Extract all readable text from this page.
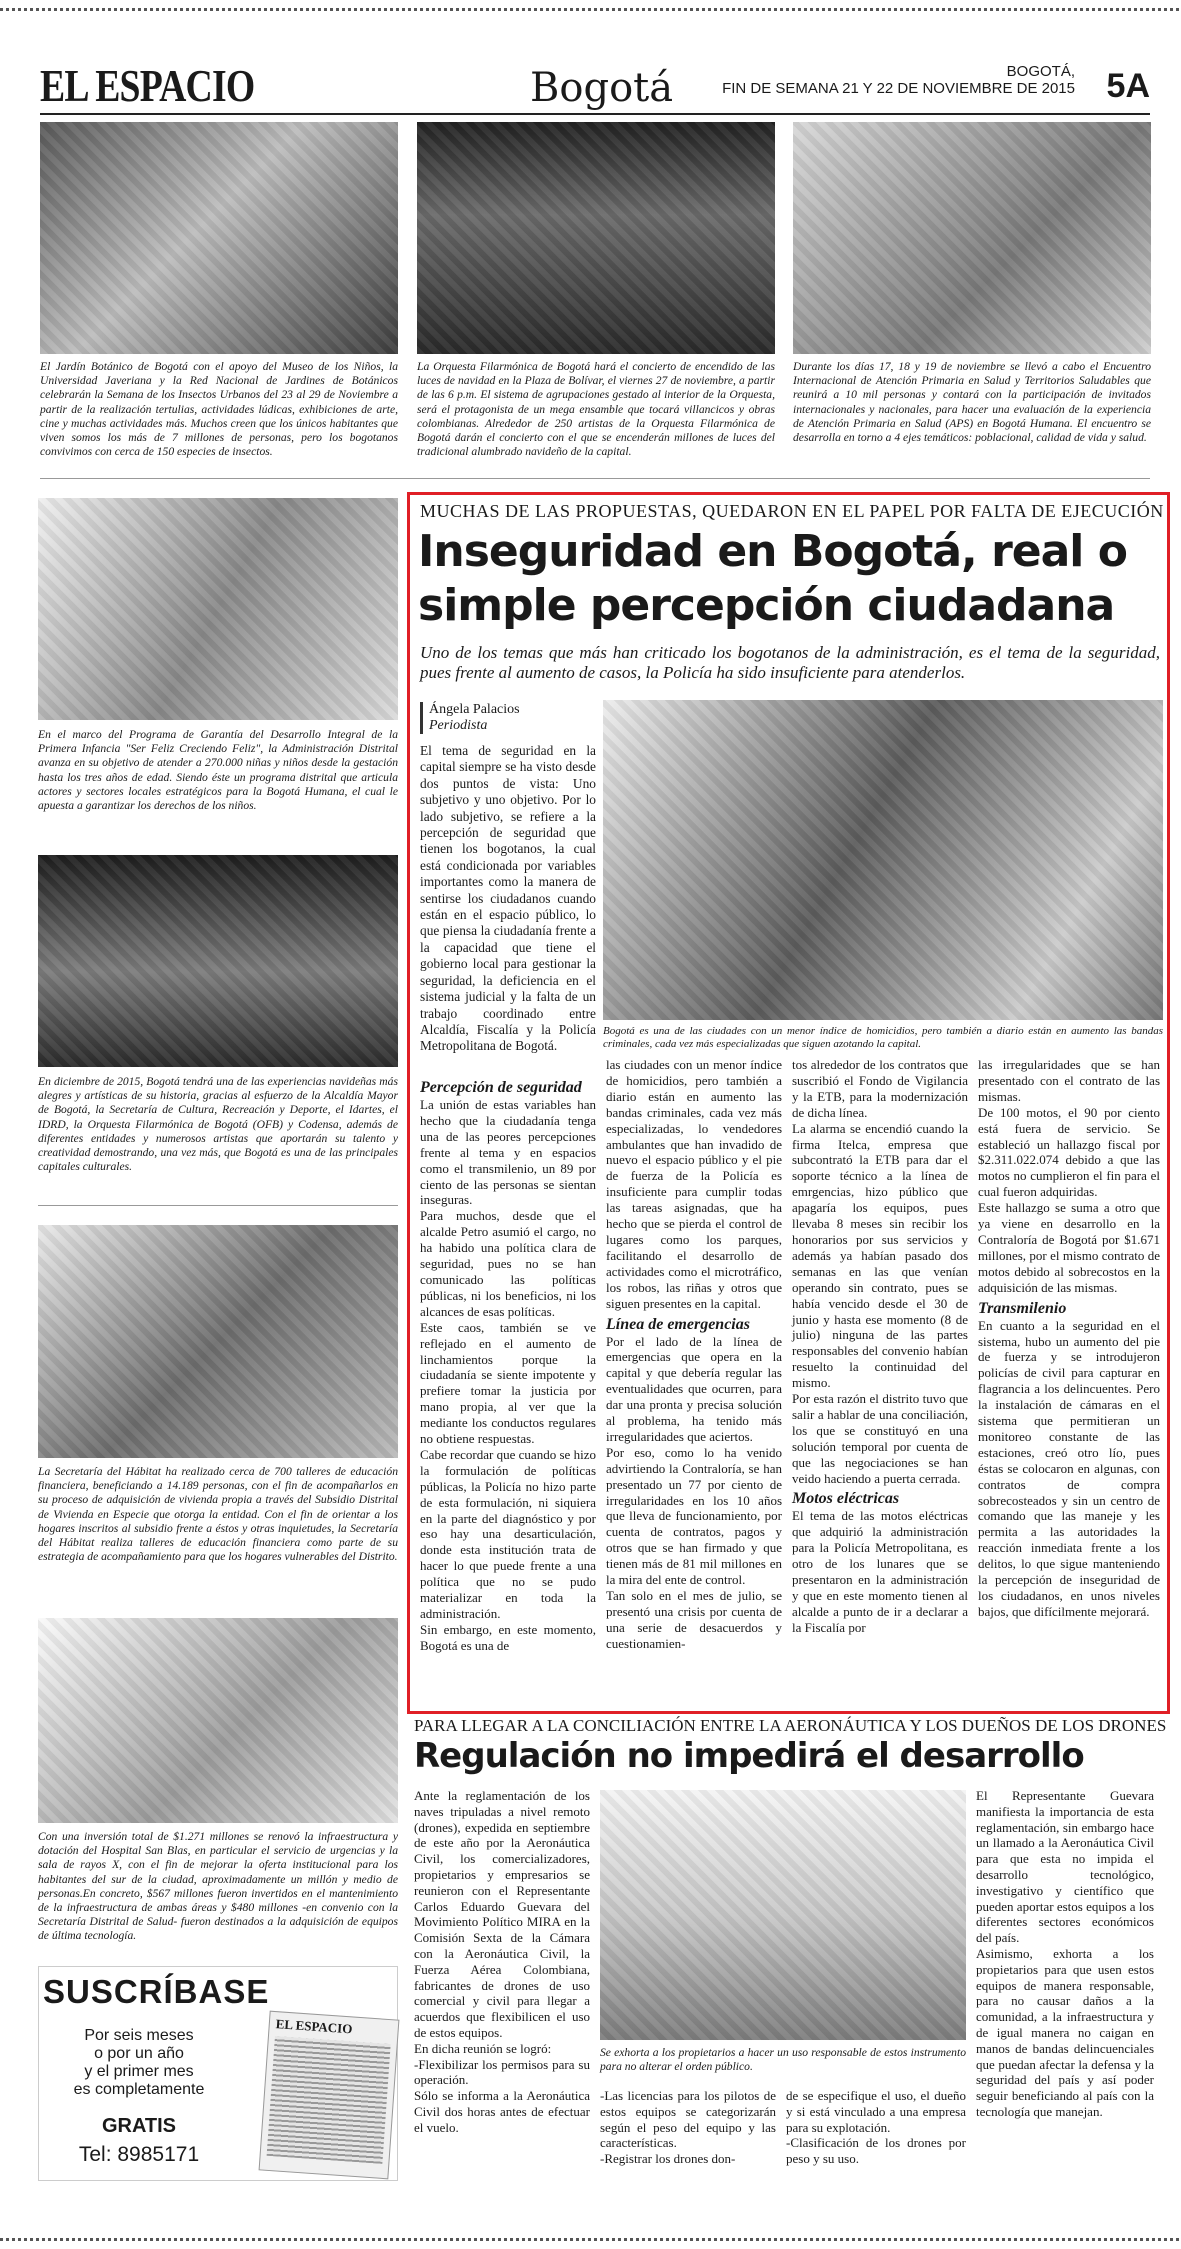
EL ESPACIO	Bogotá	BOGOTÁ,
FIN DE SEMANA 21 Y 22 DE NOVIEMBRE DE 2015 5A
El Jardín Botánico de Bogotá con el apoyo del Museo de los Niños, la Universidad Javeriana y la Red Nacional de Jardines de Botánicos celebrarán la Semana de los Insectos Urbanos del 23 al 29 de Noviembre a partir de la realización tertulias, actividades lúdicas, exhibiciones de arte, cine y muchas actividades más. Muchos creen que los únicos habitantes que viven somos los más de 7 millones de personas, pero los bogotanos convivimos con cerca de 150 especies de insectos.
La Orquesta Filarmónica de Bogotá hará el concierto de encendido de las luces de navidad en la Plaza de Bolívar, el viernes 27 de noviembre, a partir de las 6 p.m. El sistema de agrupaciones gestado al interior de la Orquesta, será el protagonista de un mega ensamble que tocará villancicos y obras colombianas. Alrededor de 250 artistas de la Orquesta Filarmónica de Bogotá darán el concierto con el que se encenderán millones de luces del tradicional alumbrado navideño de la capital.
Durante los días 17, 18 y 19 de noviembre se llevó a cabo el Encuentro Internacional de Atención Primaria en Salud y Territorios Saludables que reunirá a 10 mil personas y contará con la participación de invitados internacionales y nacionales, para hacer una evaluación de la experiencia de Atención Primaria en Salud (APS) en Bogotá Humana. El encuentro se desarrolla en torno a 4 ejes temáticos: poblacional, calidad de vida y salud.
En el marco del Programa de Garantía del Desarrollo Integral de la Primera Infancia "Ser Feliz Creciendo Feliz", la Administración Distrital avanza en su objetivo de atender a 270.000 niñas y niños desde la gestación hasta los tres años de edad. Siendo éste un programa distrital que articula actores y sectores locales estratégicos para la Bogotá Humana, el cual le apuesta a garantizar los derechos de los niños.
En diciembre de 2015, Bogotá tendrá una de las experiencias navideñas más alegres y artísticas de su historia, gracias al esfuerzo de la Alcaldía Mayor de Bogotá, la Secretaría de Cultura, Recreación y Deporte, el Idartes, el IDRD, la Orquesta Filarmónica de Bogotá (OFB) y Codensa, además de diferentes entidades y numerosos artistas que aportarán su talento y creatividad demostrando, una vez más, que Bogotá es una de las principales capitales culturales.
La Secretaría del Hábitat ha realizado cerca de 700 talleres de educación financiera, beneficiando a 14.189 personas, con el fin de acompañarlos en su proceso de adquisición de vivienda propia a través del Subsidio Distrital de Vivienda en Especie que otorga la entidad. Con el fin de orientar a los hogares inscritos al subsidio frente a éstos y otras inquietudes, la Secretaría del Hábitat realiza talleres de educación financiera como parte de su estrategia de acompañamiento para que los hogares vulnerables del Distrito.
Con una inversión total de $1.271 millones se renovó la infraestructura y dotación del Hospital San Blas, en particular el servicio de urgencias y la sala de rayos X, con el fin de mejorar la oferta institucional para los habitantes del sur de la ciudad, aproximadamente un millón y medio de personas.En concreto, $567 millones fueron invertidos en el mantenimiento de la infraestructura de ambas áreas y $480 millones -en convenio con la Secretaría Distrital de Salud- fueron destinados a la adquisición de equipos de última tecnología.
SUSCRÍBASE
Por seis meses
o por un año
y el primer mes
es completamente
GRATIS
Tel: 8985171
EL ESPACIO
MUCHAS DE LAS PROPUESTAS, QUEDARON EN EL PAPEL POR FALTA DE EJECUCIÓN
Inseguridad en Bogotá, real o simple percepción ciudadana
Uno de los temas que más han criticado los bogotanos de la administración, es el tema de la seguridad, pues frente al aumento de casos, la Policía ha sido insuficiente para atenderlos.
Ángela Palacios
Periodista
Bogotá es una de las ciudades con un menor índice de homicidios, pero también a diario están en aumento las bandas criminales, cada vez más especializadas que siguen azotando la capital.
El tema de seguridad en la capital siempre se ha visto desde dos puntos de vista: Uno subjetivo y uno objetivo. Por lo lado subjetivo, se refiere a la percepción de seguridad que tienen los bogotanos, la cual está condicionada por variables importantes como la manera de sentirse los ciudadanos cuando están en el espacio público, lo que piensa la ciudadanía frente a la capacidad que tiene el gobierno local para gestionar la seguridad, la deficiencia en el sistema judicial y la falta de un trabajo coordinado entre Alcaldía, Fiscalía y la Policía Metropolitana de Bogotá.
Percepción de seguridad

La unión de estas variables han hecho que la ciudadanía tenga una de las peores percepciones frente al tema y en espacios como el transmilenio, un 89 por ciento de las personas se sientan inseguras.

Para muchos, desde que el alcalde Petro asumió el cargo, no ha habido una política clara de seguridad, pues no se han comunicado las políticas públicas, ni los beneficios, ni los alcances de esas políticas.

Este caos, también se ve reflejado en el aumento de linchamientos porque la ciudadanía se siente impotente y prefiere tomar la justicia por mano propia, al ver que la mediante los conductos regulares no obtiene respuestas.

Cabe recordar que cuando se hizo la formulación de políticas públicas, la Policía no hizo parte de esta formulación, ni siquiera en la parte del diagnóstico y por eso hay una desarticulación, donde esta institución trata de hacer lo que puede frente a una política que no se pudo materializar en toda la administración.

Sin embargo, en este momento, Bogotá es una de

las ciudades con un menor índice de homicidios, pero también a diario están en aumento las bandas criminales, cada vez más especializadas, lo vendedores ambulantes que han invadido de nuevo el espacio público y el pie de fuerza de la Policía es insuficiente para cumplir todas las tareas asignadas, que ha hecho que se pierda el control de lugares como los parques, facilitando el desarrollo de actividades como el microtráfico, los robos, las riñas y otros que siguen presentes en la capital.

Línea de emergencias

Por el lado de la línea de emergencias que opera en la capital y que debería regular las eventualidades que ocurren, para dar una pronta y precisa solución al problema, ha tenido más irregularidades que aciertos.

Por eso, como lo ha venido advirtiendo la Contraloría, se han presentado un 77 por ciento de irregularidades en los 10 años que lleva de funcionamiento, por cuenta de contratos, pagos y otros que se han firmado y que tienen más de 81 mil millones en la mira del ente de control.

Tan solo en el mes de julio, se presentó una crisis por cuenta de una serie de desacuerdos y cuestionamien-

tos alrededor de los contratos que suscribió el Fondo de Vigilancia y la ETB, para la modernización de dicha línea.

La alarma se encendió cuando la firma Itelca, empresa que subcontrató la ETB para dar el soporte técnico a la línea de emrgencias, hizo público que apagaría los equipos, pues llevaba 8 meses sin recibir los honorarios por sus servicios y además ya habían pasado dos semanas en las que venían operando sin contrato, pues se había vencido desde el 30 de junio y hasta ese momento (8 de julio) ninguna de las partes responsables del convenio habían resuelto la continuidad del mismo.

Por esta razón el distrito tuvo que salir a hablar de una conciliación, los que se constituyó en una solución temporal por cuenta de que las negociaciones se han veido haciendo a puerta cerrada.

Motos eléctricas

El tema de las motos eléctricas que adquirió la administración para la Policía Metropolitana, es otro de los lunares que se presentaron en la administración y que en este momento tienen al alcalde a punto de ir a declarar a la Fiscalía por

las irregularidades que se han presentado con el contrato de las mismas.

De 100 motos, el 90 por ciento está fuera de servicio. Se estableció un hallazgo fiscal por $2.311.022.074 debido a que las motos no cumplieron el fin para el cual fueron adquiridas.

Este hallazgo se suma a otro que ya viene en desarrollo en la Contraloría de Bogotá por $1.671 millones, por el mismo contrato de motos debido al sobrecostos en la adquisición de las mismas.

Transmilenio

En cuanto a la seguridad en el sistema, hubo un aumento del pie de fuerza y se introdujeron policías de civil para capturar en flagrancia a los delincuentes. Pero la instalación de cámaras en el sistema que permitieran un monitoreo constante de las estaciones, creó otro lío, pues éstas se colocaron en algunas, con contratos de compra sobrecosteados y sin un centro de comando que las maneje y les permita a las autoridades la reacción inmediata frente a los delitos, lo que sigue manteniendo la percepción de inseguridad de los ciudadanos, en unos niveles bajos, que difícilmente mejorará.

PARA LLEGAR A LA CONCILIACIÓN ENTRE LA AERONÁUTICA Y LOS DUEÑOS DE LOS DRONES
Regulación no impedirá el desarrollo

Ante la reglamentación de los naves tripuladas a nivel remoto (drones), expedida en septiembre de este año por la Aeronáutica Civil, los comercializadores, propietarios y empresarios se reunieron con el Representante Carlos Eduardo Guevara del Movimiento Político MIRA en la Comisión Sexta de la Cámara con la Aeronáutica Civil, la Fuerza Aérea Colombiana, fabricantes de drones de uso comercial y civil para llegar a acuerdos que flexibilicen el uso de estos equipos.

En dicha reunión se logró:

-Flexibilizar los permisos para su operación.

Sólo se informa a la Aeronáutica Civil dos horas antes de efectuar el vuelo.

Se exhorta a los propietarios a hacer un uso responsable de estos instrumento para no alterar el orden público.

-Las licencias para los pilotos de estos equipos se categorizarán según el peso del equipo y las características.

-Registrar los drones don-

de se especifique el uso, el dueño y si está vinculado a una empresa para su explotación.

-Clasificación de los drones por peso y su uso.

El Representante Guevara manifiesta la importancia de esta reglamentación, sin embargo hace un llamado a la Aeronáutica Civil para que esta no impida el desarrollo tecnológico, investigativo y científico que pueden aportar estos equipos a los diferentes sectores económicos del país.

Asimismo, exhorta a los propietarios para que usen estos equipos de manera responsable, para no causar daños a la comunidad, a la infraestructura y de igual manera no caigan en manos de bandas delincuenciales que puedan afectar la defensa y la seguridad del país y así poder seguir beneficiando al país con la tecnología que manejan.
